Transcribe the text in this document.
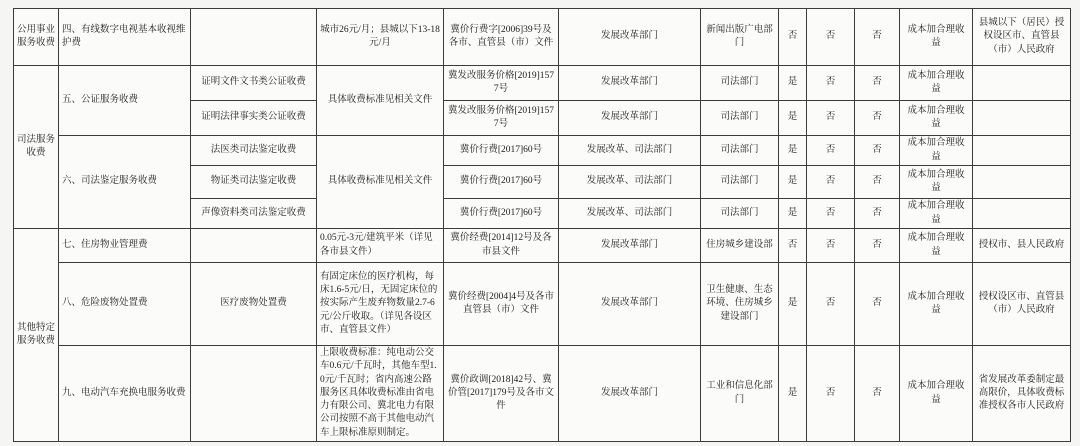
公用事业服务收费	四、有线数字电视基本收视维护费		城市26元/月；县城以下13-18元/月	冀价行费字[2006]39号及各市、直管县（市）文件	发展改革部门	新闻出版广电部门	否	否	否	成本加合理收益	县城以下（居民）授权设区市、直管县（市）人民政府
司法服务收费	五、公证服务收费	证明文件文书类公证收费	具体收费标准见相关文件	冀发改服务价格[2019]1577号	发展改革部门	司法部门	是	否	否	成本加合理收益	
		证明法律事实类公证收费		冀发改服务价格[2019]1577号	发展改革部门	司法部门	是	否	否	成本加合理收益	
	六、司法鉴定服务收费	法医类司法鉴定收费	具体收费标准见相关文件	冀价行费[2017]60号	发展改革、司法部门	司法部门	是	否	否	成本加合理收益	
		物证类司法鉴定收费		冀价行费[2017]60号	发展改革、司法部门	司法部门	是	否	否	成本加合理收益	
		声像资料类司法鉴定收费		冀价行费[2017]60号	发展改革、司法部门	司法部门	是	否	否	成本加合理收益	
其他特定服务收费	七、住房物业管理费		0.05元-3元/建筑平米（详见各市县文件）	冀价经费[2014]12号及各市县文件	发展改革部门	住房城乡建设部	否	否	否	成本加合理收益	授权市、县人民政府
	八、危险废物处置费	医疗废物处置费	有固定床位的医疗机构，每床1.6-5元/日，无固定床位的按实际产生废弃物数量2.7-6元/公斤收取。（详见各设区市、直管县文件）	冀价经费[2004]4号及各市直管县（市）文件	发展改革部门	卫生健康、生态环境、住房城乡建设部门	是	否	否	成本加合理收益	授权设区市、直管县（市）人民政府
	九、电动汽车充换电服务收费		上限收费标准：纯电动公交车0.6元/千瓦时，其他车型1.0元/千瓦时；省内高速公路服务区具体收费标准由省电力有限公司、冀北电力有限公司按照不高于其他电动汽车上限标准原则制定。	冀价政调[2018]42号、冀价管[2017]179号及各市文件	发展改革部门	工业和信息化部门	是	否	否	成本加合理收益	省发展改革委制定最高限价，具体收费标准授权各市人民政府
